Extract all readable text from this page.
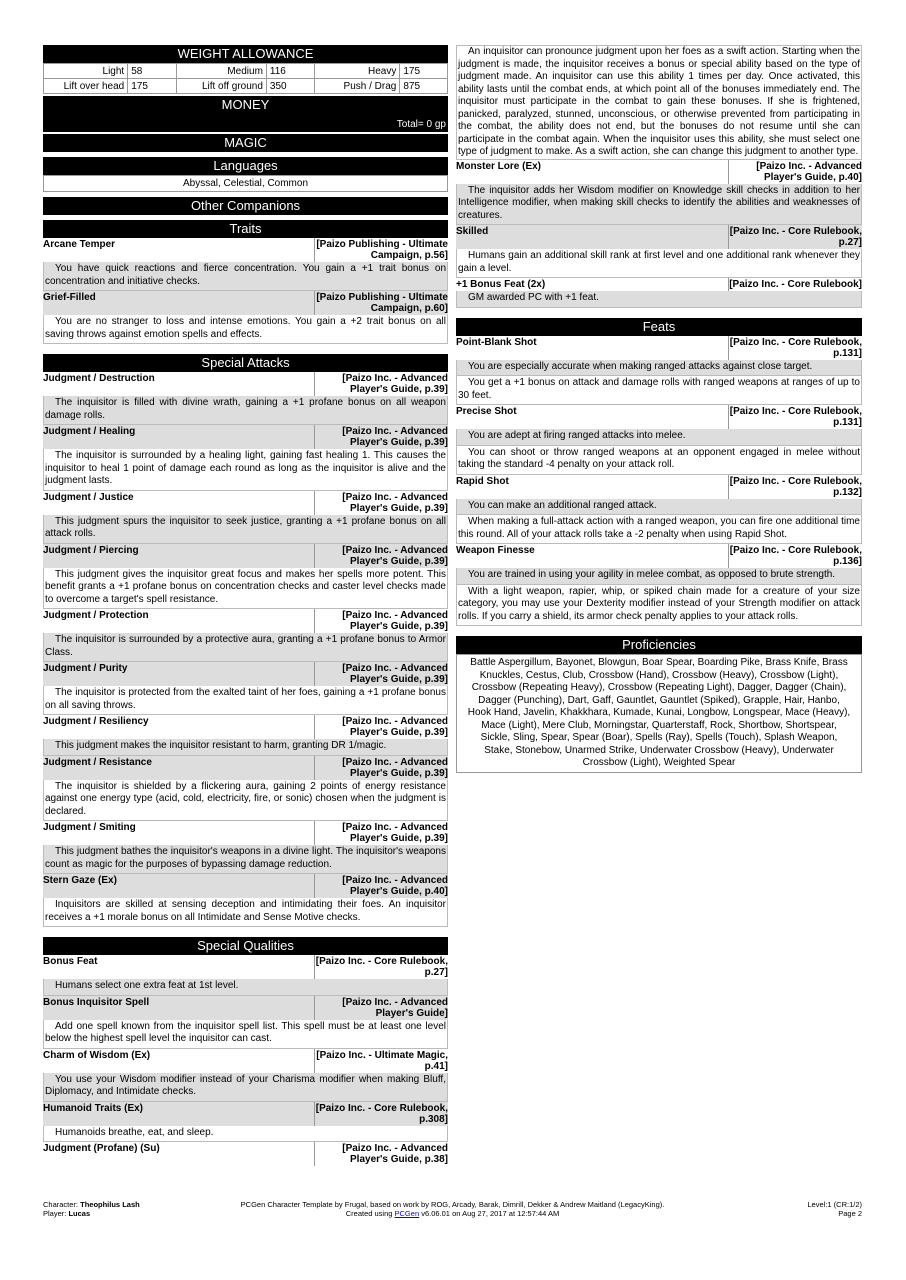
WEIGHT ALLOWANCE
Light	58	Medium	116	Heavy	175
Lift over head	175	Lift off ground	350	Push / Drag	875
MONEY
Total= 0 gp
MAGIC
Languages
Abyssal, Celestial, Common
Other Companions
Traits
Arcane Temper	[Paizo Publishing - Ultimate Campaign, p.56]
You have quick reactions and fierce concentration. You gain a +1 trait bonus on concentration and initiative checks.
Grief-Filled	[Paizo Publishing - Ultimate Campaign, p.60]
You are no stranger to loss and intense emotions. You gain a +2 trait bonus on all saving throws against emotion spells and effects.
Special Attacks
Judgment / Destruction	[Paizo Inc. - Advanced Player's Guide, p.39]
The inquisitor is filled with divine wrath, gaining a +1 profane bonus on all weapon damage rolls.
Judgment / Healing	[Paizo Inc. - Advanced Player's Guide, p.39]
The inquisitor is surrounded by a healing light, gaining fast healing 1. This causes the inquisitor to heal 1 point of damage each round as long as the inquisitor is alive and the judgment lasts.
Judgment / Justice	[Paizo Inc. - Advanced Player's Guide, p.39]
This judgment spurs the inquisitor to seek justice, granting a +1 profane bonus on all attack rolls.
Judgment / Piercing	[Paizo Inc. - Advanced Player's Guide, p.39]
This judgment gives the inquisitor great focus and makes her spells more potent. This benefit grants a +1 profane bonus on concentration checks and caster level checks made to overcome a target's spell resistance.
Judgment / Protection	[Paizo Inc. - Advanced Player's Guide, p.39]
The inquisitor is surrounded by a protective aura, granting a +1 profane bonus to Armor Class.
Judgment / Purity	[Paizo Inc. - Advanced Player's Guide, p.39]
The inquisitor is protected from the exalted taint of her foes, gaining a +1 profane bonus on all saving throws.
Judgment / Resiliency	[Paizo Inc. - Advanced Player's Guide, p.39]
This judgment makes the inquisitor resistant to harm, granting DR 1/magic.
Judgment / Resistance	[Paizo Inc. - Advanced Player's Guide, p.39]
The inquisitor is shielded by a flickering aura, gaining 2 points of energy resistance against one energy type (acid, cold, electricity, fire, or sonic) chosen when the judgment is declared.
Judgment / Smiting	[Paizo Inc. - Advanced Player's Guide, p.39]
This judgment bathes the inquisitor's weapons in a divine light. The inquisitor's weapons count as magic for the purposes of bypassing damage reduction.
Stern Gaze (Ex)	[Paizo Inc. - Advanced Player's Guide, p.40]
Inquisitors are skilled at sensing deception and intimidating their foes. An inquisitor receives a +1 morale bonus on all Intimidate and Sense Motive checks.
Special Qualities
Bonus Feat	[Paizo Inc. - Core Rulebook, p.27]
Humans select one extra feat at 1st level.
Bonus Inquisitor Spell	[Paizo Inc. - Advanced Player's Guide]
Add one spell known from the inquisitor spell list. This spell must be at least one level below the highest spell level the inquisitor can cast.
Charm of Wisdom (Ex)	[Paizo Inc. - Ultimate Magic, p.41]
You use your Wisdom modifier instead of your Charisma modifier when making Bluff, Diplomacy, and Intimidate checks.
Humanoid Traits (Ex)	[Paizo Inc. - Core Rulebook, p.308]
Humanoids breathe, eat, and sleep.
Judgment (Profane) (Su)	[Paizo Inc. - Advanced Player's Guide, p.38]
An inquisitor can pronounce judgment upon her foes as a swift action. Starting when the judgment is made, the inquisitor receives a bonus or special ability based on the type of judgment made. An inquisitor can use this ability 1 times per day. Once activated, this ability lasts until the combat ends, at which point all of the bonuses immediately end. The inquisitor must participate in the combat to gain these bonuses. If she is frightened, panicked, paralyzed, stunned, unconscious, or otherwise prevented from participating in the combat, the ability does not end, but the bonuses do not resume until she can participate in the combat again. When the inquisitor uses this ability, she must select one type of judgment to make. As a swift action, she can change this judgment to another type.
Monster Lore (Ex)	[Paizo Inc. - Advanced Player's Guide, p.40]
The inquisitor adds her Wisdom modifier on Knowledge skill checks in addition to her Intelligence modifier, when making skill checks to identify the abilities and weaknesses of creatures.
Skilled	[Paizo Inc. - Core Rulebook, p.27]
Humans gain an additional skill rank at first level and one additional rank whenever they gain a level.
+1 Bonus Feat (2x)	[Paizo Inc. - Core Rulebook]
GM awarded PC with +1 feat.
Feats
Point-Blank Shot	[Paizo Inc. - Core Rulebook, p.131]
You are especially accurate when making ranged attacks against close target.
You get a +1 bonus on attack and damage rolls with ranged weapons at ranges of up to 30 feet.
Precise Shot	[Paizo Inc. - Core Rulebook, p.131]
You are adept at firing ranged attacks into melee.
You can shoot or throw ranged weapons at an opponent engaged in melee without taking the standard -4 penalty on your attack roll.
Rapid Shot	[Paizo Inc. - Core Rulebook, p.132]
You can make an additional ranged attack.
When making a full-attack action with a ranged weapon, you can fire one additional time this round. All of your attack rolls take a -2 penalty when using Rapid Shot.
Weapon Finesse	[Paizo Inc. - Core Rulebook, p.136]
You are trained in using your agility in melee combat, as opposed to brute strength.
With a light weapon, rapier, whip, or spiked chain made for a creature of your size category, you may use your Dexterity modifier instead of your Strength modifier on attack rolls. If you carry a shield, its armor check penalty applies to your attack rolls.
Proficiencies
Battle Aspergillum, Bayonet, Blowgun, Boar Spear, Boarding Pike, Brass Knife, Brass Knuckles, Cestus, Club, Crossbow (Hand), Crossbow (Heavy), Crossbow (Light), Crossbow (Repeating Heavy), Crossbow (Repeating Light), Dagger, Dagger (Chain), Dagger (Punching), Dart, Gaff, Gauntlet, Gauntlet (Spiked), Grapple, Hair, Hanbo, Hook Hand, Javelin, Khakkhara, Kumade, Kunai, Longbow, Longspear, Mace (Heavy), Mace (Light), Mere Club, Morningstar, Quarterstaff, Rock, Shortbow, Shortspear, Sickle, Sling, Spear, Spear (Boar), Spells (Ray), Spells (Touch), Splash Weapon, Stake, Stonebow, Unarmed Strike, Underwater Crossbow (Heavy), Underwater Crossbow (Light), Weighted Spear
Character: Theophilus Lash
Player: Lucas
PCGen Character Template by Frugal, based on work by ROG, Arcady, Barak, Dimrill, Dekker & Andrew Maitland (LegacyKing).
Created using PCGen v6.06.01 on Aug 27, 2017 at 12:57:44 AM
Level:1 (CR:1/2)
Page 2
